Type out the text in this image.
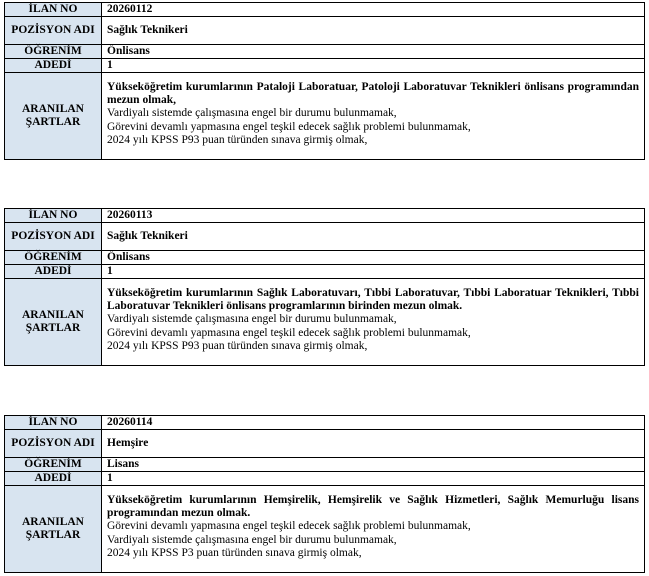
İLAN NO	20260112
POZİSYON ADI	Sağlık Teknikeri
ÖĞRENİM	Önlisans
ADEDİ	1
ARANILAN ŞARTLAR	Yükseköğretim kurumlarının Pataloji Laboratuar, Patoloji Laboratuvar Teknikleri önlisans programından mezun olmak,
Vardiyalı sistemde çalışmasına engel bir durumu bulunmamak,
Görevini devamlı yapmasına engel teşkil edecek sağlık problemi bulunmamak,
2024 yılı KPSS P93 puan türünden sınava girmiş olmak,
İLAN NO	20260113
POZİSYON ADI	Sağlık Teknikeri
ÖĞRENİM	Önlisans
ADEDİ	1
ARANILAN ŞARTLAR	Yükseköğretim kurumlarının Sağlık Laboratuvarı, Tıbbi Laboratuvar, Tıbbi Laboratuar Teknikleri, Tıbbi Laboratuvar Teknikleri önlisans programlarının birinden mezun olmak.
Vardiyalı sistemde çalışmasına engel bir durumu bulunmamak,
Görevini devamlı yapmasına engel teşkil edecek sağlık problemi bulunmamak,
2024 yılı KPSS P93 puan türünden sınava girmiş olmak,
İLAN NO	20260114
POZİSYON ADI	Hemşire
ÖĞRENİM	Lisans
ADEDİ	1
ARANILAN ŞARTLAR	Yükseköğretim kurumlarının Hemşirelik, Hemşirelik ve Sağlık Hizmetleri, Sağlık Memurluğu lisans programından mezun olmak.
Görevini devamlı yapmasına engel teşkil edecek sağlık problemi bulunmamak,
Vardiyalı sistemde çalışmasına engel bir durumu bulunmamak,
2024 yılı KPSS P3 puan türünden sınava girmiş olmak,
